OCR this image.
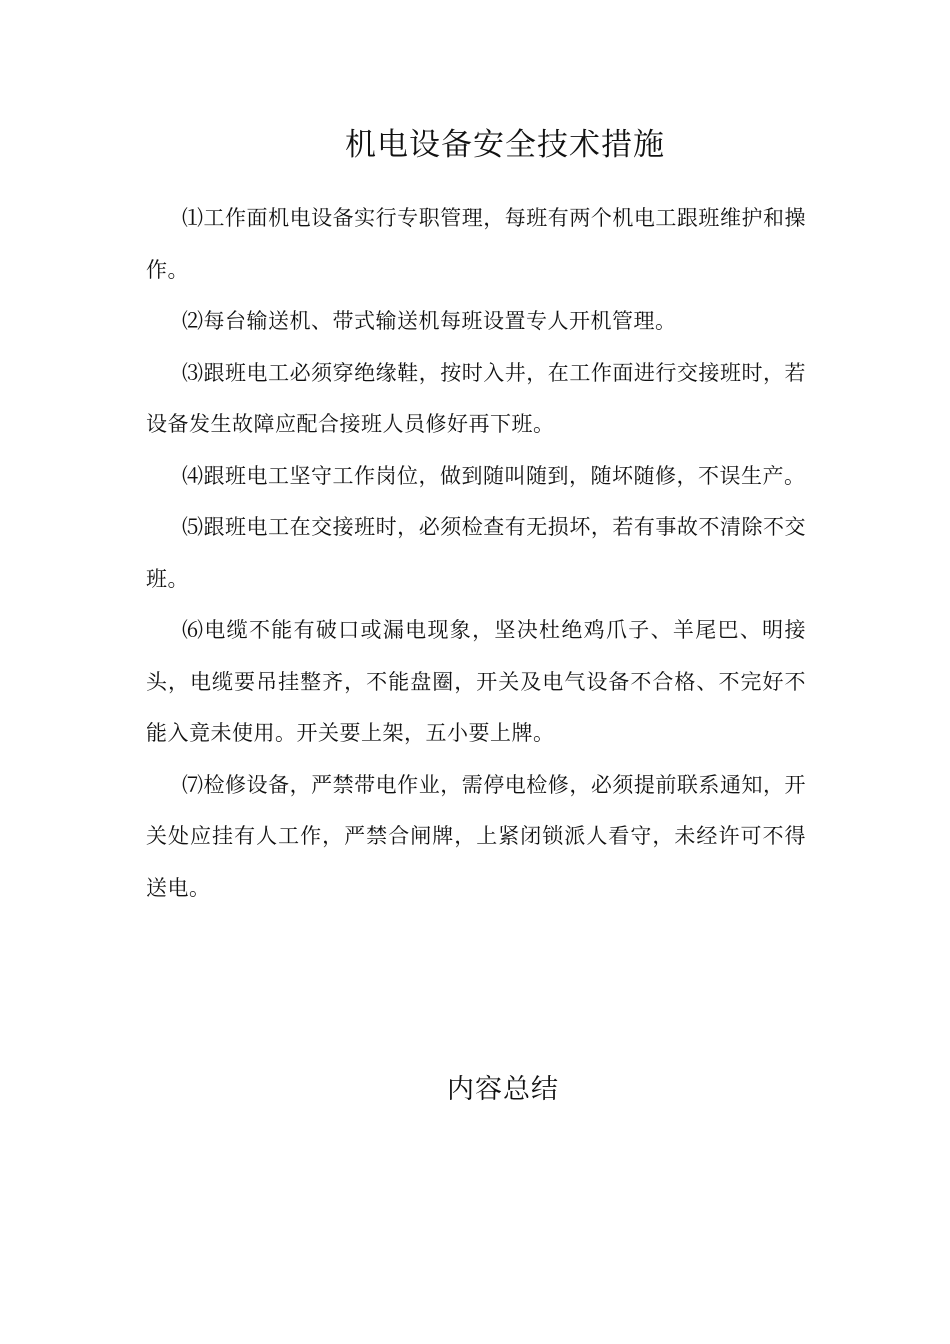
机电设备安全技术措施

⑴工作面机电设备实行专职管理，每班有两个机电工跟班维护和操作。

⑵每台输送机、带式输送机每班设置专人开机管理。

⑶跟班电工必须穿绝缘鞋，按时入井，在工作面进行交接班时，若设备发生故障应配合接班人员修好再下班。

⑷跟班电工坚守工作岗位，做到随叫随到，随坏随修，不误生产。

⑸跟班电工在交接班时，必须检查有无损坏，若有事故不清除不交班。

⑹电缆不能有破口或漏电现象，坚决杜绝鸡爪子、羊尾巴、明接头，电缆要吊挂整齐，不能盘圈，开关及电气设备不合格、不完好不能入竟未使用。开关要上架，五小要上牌。

⑺检修设备，严禁带电作业，需停电检修，必须提前联系通知，开关处应挂有人工作，严禁合闸牌，上紧闭锁派人看守，未经许可不得送电。

内容总结
